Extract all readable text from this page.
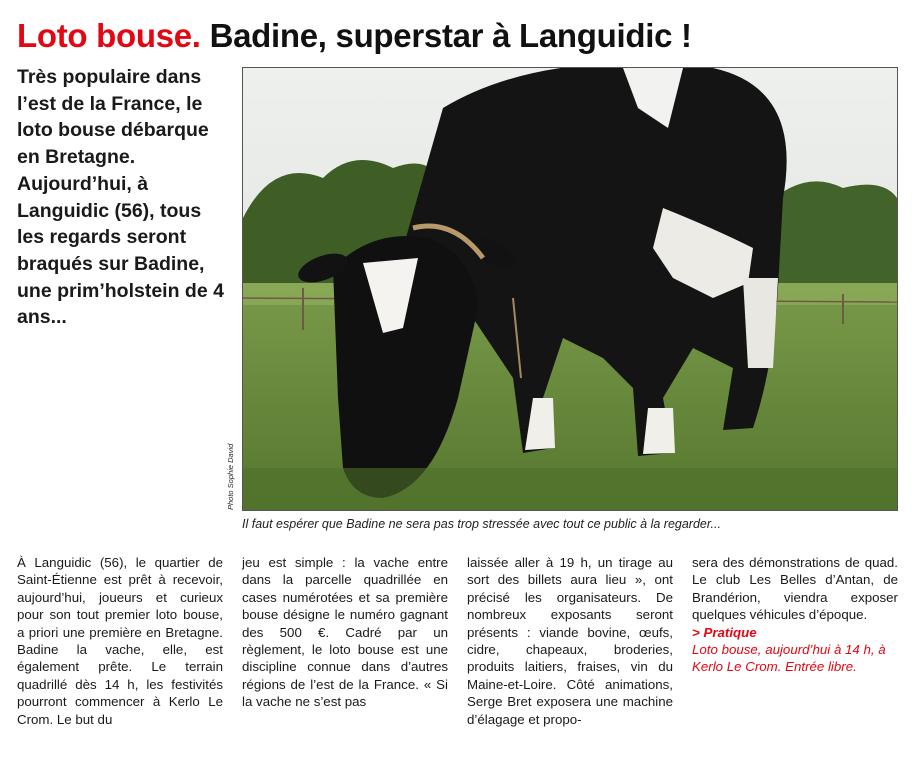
Loto bouse. Badine, superstar à Languidic !
Très populaire dans l’est de la France, le loto bouse débarque en Bretagne. Aujourd’hui, à Languidic (56), tous les regards seront braqués sur Badine, une prim’holstein de 4 ans...
Photo Sophie David
Il faut espérer que Badine ne sera pas trop stressée avec tout ce public à la regarder...

À Languidic (56), le quartier de Saint-Étienne est prêt à recevoir, aujourd’hui, joueurs et curieux pour son tout premier loto bouse, a priori une première en Bretagne. Badine la vache, elle, est également prête. Le terrain quadrillé dès 14 h, les festivités pourront commencer à Kerlo Le Crom. Le but du

jeu est simple : la vache entre dans la parcelle quadrillée en cases numérotées et sa première bouse désigne le numéro gagnant des 500 €. Cadré par un règlement, le loto bouse est une discipline connue dans d’autres régions de l’est de la France. « Si la vache ne s’est pas

laissée aller à 19 h, un tirage au sort des billets aura lieu », ont précisé les organisateurs. De nombreux exposants seront présents : viande bovine, œufs, cidre, chapeaux, broderies, produits laitiers, fraises, vin du Maine-et-Loire. Côté animations, Serge Bret exposera une machine d’élagage et propo-

sera des démonstrations de quad. Le club Les Belles d’Antan, de Brandérion, viendra exposer quelques véhicules d’époque.

> Pratique

Loto bouse, aujourd’hui à 14 h, à Kerlo Le Crom. Entrée libre.
